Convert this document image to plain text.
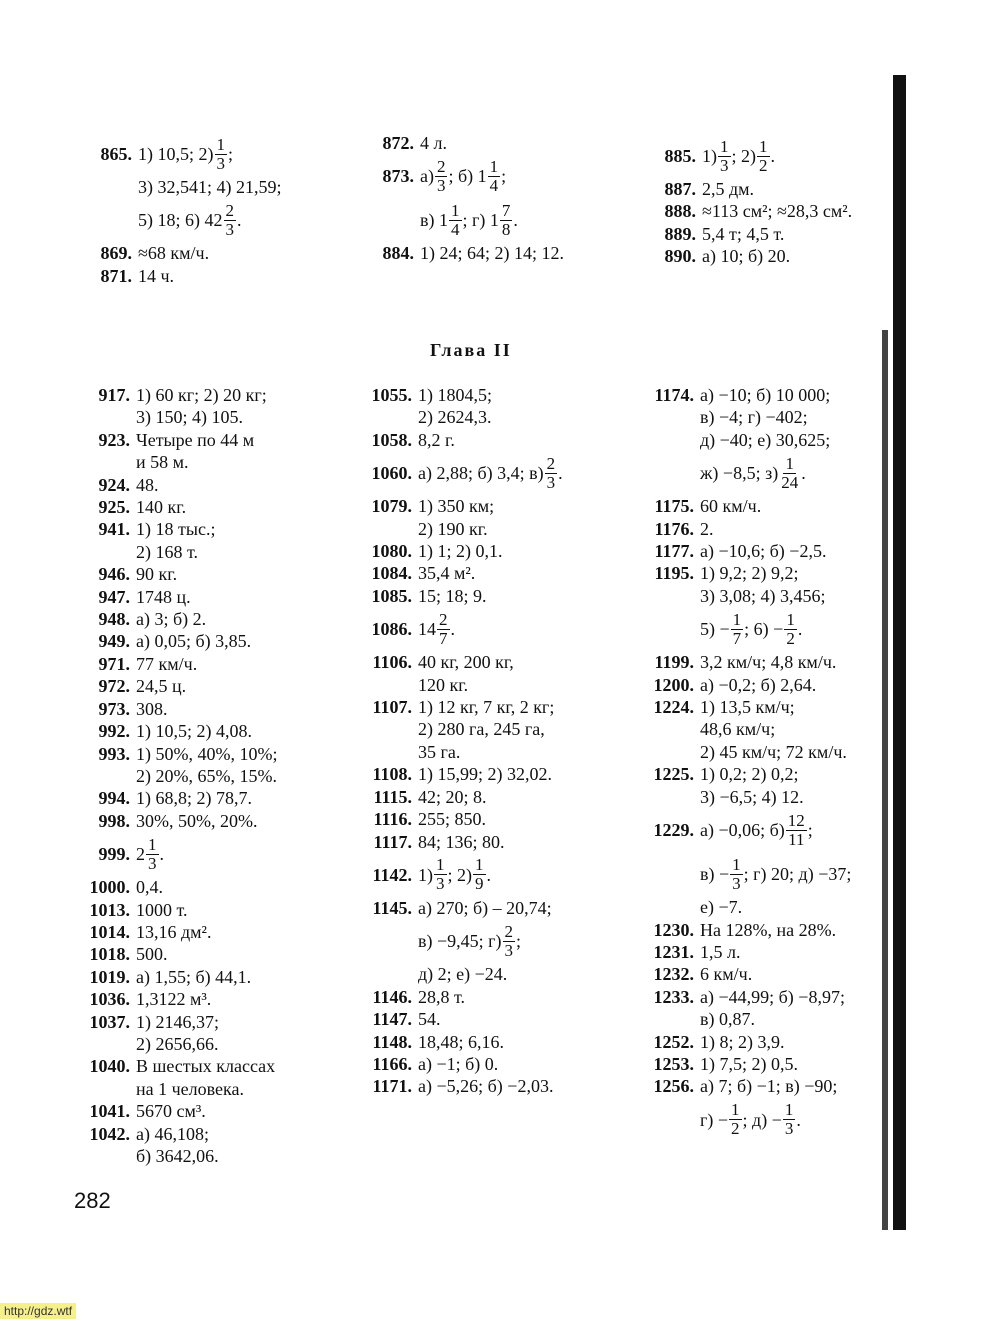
865. 1) 10,5; $2) \frac{1}{3}$ ;
3) 32,541; 4) 21,59;
5) 18; 6) $42 \frac{2}{3}$ .
869. ≈68 км/ч.
871. 14 ч.
872. 4 л.
873. $а) \frac{2}{3}$ ; б) $1 \frac{1}{4}$ ;
в) $1 \frac{1}{4}$ ; г) $1 \frac{7}{8}$ .
884. 1) 24; 64; 2) 14; 12.
885. $1) \frac{1}{3}$ ; $2) \frac{1}{2}$ .
887. 2,5 дм.
888. ≈113 см²; ≈28,3 см².
889. 5,4 т; 4,5 т.
890. а) 10; б) 20.
Глава II
917. 1) 60 кг; 2) 20 кг;
3) 150; 4) 105.
923. Четыре по 44 м
и 58 м.
924. 48.
925. 140 кг.
941. 1) 18 тыс.;
2) 168 т.
946. 90 кг.
947. 1748 ц.
948. а) 3; б) 2.
949. а) 0,05; б) 3,85.
971. 77 км/ч.
972. 24,5 ц.
973. 308.
992. 1) 10,5; 2) 4,08.
993. 1) 50%, 40%, 10%;
2) 20%, 65%, 15%.
994. 1) 68,8; 2) 78,7.
998. 30%, 50%, 20%.
999. $2 \frac{1}{3}$ .
1000. 0,4.
1013. 1000 т.
1014. 13,16 дм².
1018. 500.
1019. а) 1,55; б) 44,1.
1036. 1,3122 м³.
1037. 1) 2146,37;
2) 2656,66.
1040. В шестых классах
на 1 человека.
1041. 5670 см³.
1042. а) 46,108;
б) 3642,06.
1055. 1) 1804,5;
2) 2624,3.
1058. 8,2 г.
1060. а) 2,88; б) 3,4; $в) \frac{2}{3}$ .
1079. 1) 350 км;
2) 190 кг.
1080. 1) 1; 2) 0,1.
1084. 35,4 м².
1085. 15; 18; 9.
1086. $14 \frac{2}{7}$ .
1106. 40 кг, 200 кг,
120 кг.
1107. 1) 12 кг, 7 кг, 2 кг;
2) 280 га, 245 га,
35 га.
1108. 1) 15,99; 2) 32,02.
1115. 42; 20; 8.
1116. 255; 850.
1117. 84; 136; 80.
1142. $1) \frac{1}{3}$ ; $2) \frac{1}{9}$ .
1145. а) 270; б) – 20,74;
в) −9,45; $г) \frac{2}{3}$ ;
д) 2; е) −24.
1146. 28,8 т.
1147. 54.
1148. 18,48; 6,16.
1166. а) −1; б) 0.
1171. а) −5,26; б) −2,03.
1174. а) −10; б) 10 000;
в) −4; г) −402;
д) −40; е) 30,625;
ж) −8,5; $з) \frac{1}{24}$ .
1175. 60 км/ч.
1176. 2.
1177. а) −10,6; б) −2,5.
1195. 1) 9,2; 2) 9,2;
3) 3,08; 4) 3,456;
$5) - \frac{1}{7}$ ; $6) - \frac{1}{2}$ .
1199. 3,2 км/ч; 4,8 км/ч.
1200. а) −0,2; б) 2,64.
1224. 1) 13,5 км/ч;
48,6 км/ч;
2) 45 км/ч; 72 км/ч.
1225. 1) 0,2; 2) 0,2;
3) −6,5; 4) 12.
1229. а) −0,06; $б) \frac{12}{11}$ ;
$в) - \frac{1}{3}$ ; г) 20; д) −37;
е) −7.
1230. На 128%, на 28%.
1231. 1,5 л.
1232. 6 км/ч.
1233. а) −44,99; б) −8,97;
в) 0,87.
1252. 1) 8; 2) 3,9.
1253. 1) 7,5; 2) 0,5.
1256. а) 7; б) −1; в) −90;
$г) - \frac{1}{2}$ ; $д) - \frac{1}{3}$ .
282
http://gdz.wtf
